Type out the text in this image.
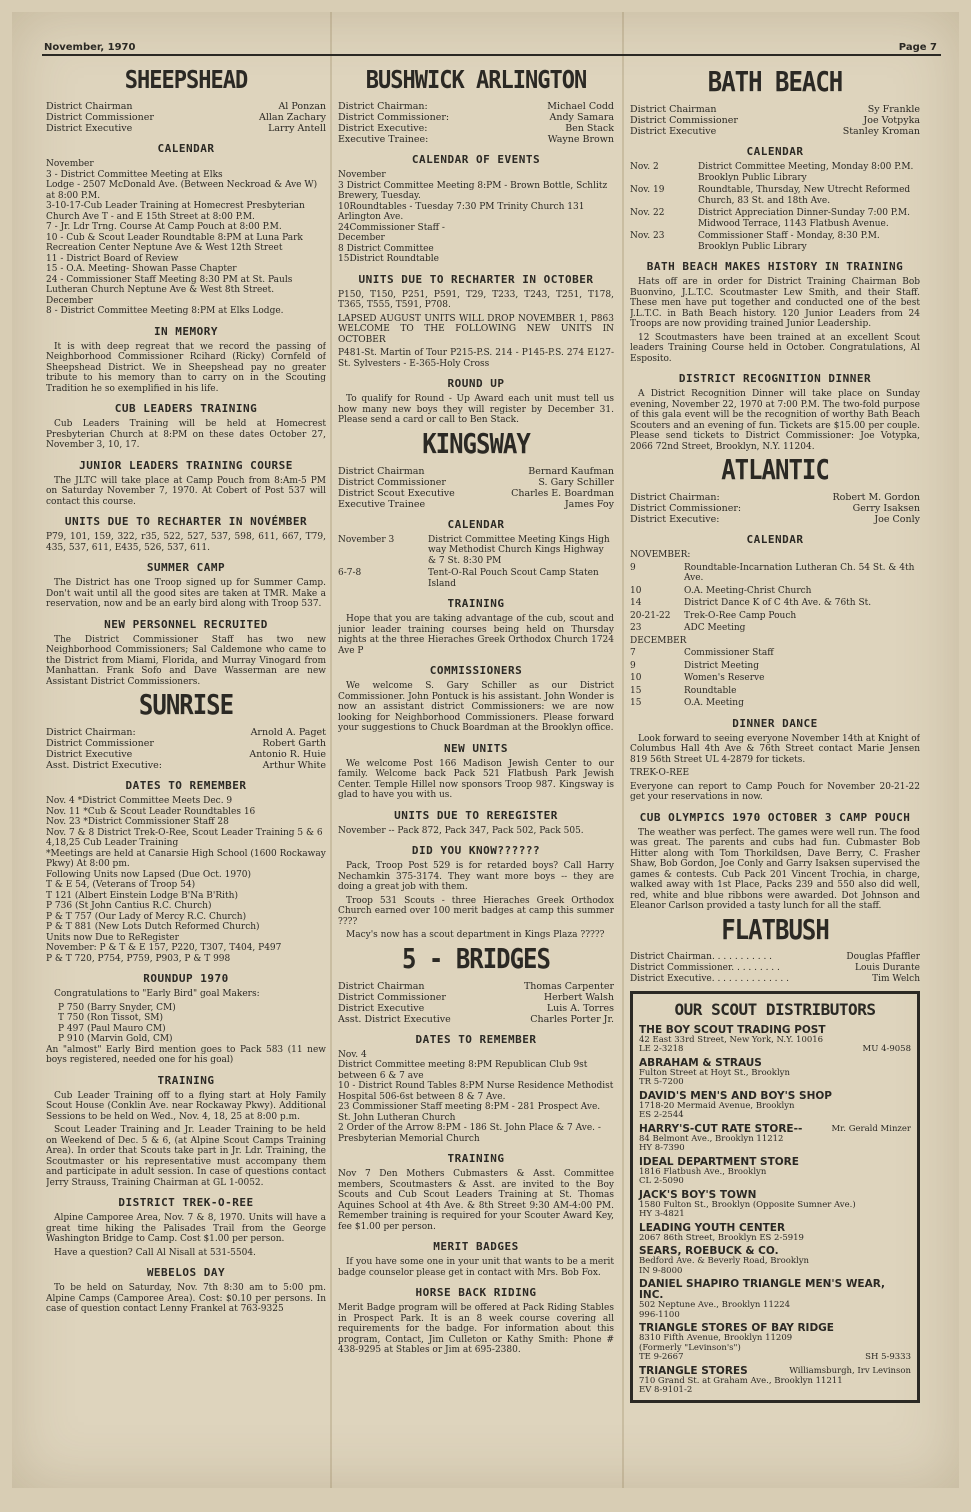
November, 1970	Page 7
SHEEPSHEAD
District Chairman	Al Ponzan
District Commissioner	Allan Zachary
District Executive	Larry Antell
CALENDAR

November

3 - District Committee Meeting at Elks

Lodge - 2507 McDonald Ave. (Between Neckroad & Ave W) at 8:00 P.M.

3-10-17-Cub Leader Training at Homecrest Presbyterian Church Ave T - and E 15th Street at 8:00 P.M.

7 - Jr. Ldr Trng. Course At Camp Pouch at 8:00 P.M.

10 - Cub & Scout Leader Roundtable 8:PM at Luna Park Recreation Center Neptune Ave & West 12th Street

11 - District Board of Review

15 - O.A. Meeting- Showan Passe Chapter

24 - Commissioner Staff Meeting 8:30 PM at St. Pauls Lutheran Church Neptune Ave & West 8th Street.

December

8 - District Committee Meeting 8:PM at Elks Lodge.

IN MEMORY

It is with deep regreat that we record the passing of Neighborhood Commissioner Rcihard (Ricky) Cornfeld of Sheepshead District. We in Sheepshead pay no greater tribute to his memory than to carry on in the Scouting Tradition he so exemplified in his life.

CUB LEADERS TRAINING

Cub Leaders Training will be held at Homecrest Presbyterian Church at 8:PM on these dates October 27, November 3, 10, 17.

JUNIOR LEADERS TRAINING COURSE

The JLTC will take place at Camp Pouch from 8:Am-5 PM on Saturday November 7, 1970. At Cobert of Post 537 will contact this course.

UNITS DUE TO RECHARTER IN NOVÉMBER

P79, 101, 159, 322, r35, 522, 527, 537, 598, 611, 667, T79, 435, 537, 611, E435, 526, 537, 611.

SUMMER CAMP

The District has one Troop signed up for Summer Camp. Don't wait until all the good sites are taken at TMR. Make a reservation, now and be an early bird along with Troop 537.

NEW PERSONNEL RECRUITED

The District Commissioner Staff has two new Neighborhood Commissioners; Sal Caldemone who came to the District from Miami, Florida, and Murray Vinogard from Manhattan. Frank Sofo and Dave Wasserman are new Assistant District Commissioners.

SUNRISE
District Chairman:	Arnold A. Paget
District Commissioner	Robert Garth
District Executive	Antonio R. Huie
Asst. District Executive:	Arthur White
DATES TO REMEMBER

Nov. 4 *District Committee Meets Dec. 9

Nov. 11 *Cub & Scout Leader Roundtables 16

Nov. 23 *District Commissioner Staff 28

Nov. 7 & 8 District Trek-O-Ree, Scout Leader Training 5 & 6

4,18,25 Cub Leader Training

*Meetings are held at Canarsie High School (1600 Rockaway Pkwy) At 8:00 pm.

Following Units now Lapsed (Due Oct. 1970)

T & E 54, (Veterans of Troop 54)

T 121 (Albert Einstein Lodge B'Na B'Rith)

P 736 (St John Cantius R.C. Church)

P & T 757 (Our Lady of Mercy R.C. Church)

P & T 881 (New Lots Dutch Reformed Church)

Units now Due to ReRegister

November: P & T & E 157, P220, T307, T404, P497

P & T 720, P754, P759, P903, P & T 998

ROUNDUP 1970

Congratulations to "Early Bird" goal Makers:

P 750 (Barry Snyder, CM)

T 750 (Ron Tissot, SM)

P 497 (Paul Mauro CM)

P 910 (Marvin Gold, CM)

An "almost" Early Bird mention goes to Pack 583 (11 new boys registered, needed one for his goal)

TRAINING

Cub Leader Training off to a flying start at Holy Family Scout House (Conklin Ave. near Rockaway Pkwy). Additional Sessions to be held on Wed., Nov. 4, 18, 25 at 8:00 p.m.

Scout Leader Training and Jr. Leader Training to be held on Weekend of Dec. 5 & 6, (at Alpine Scout Camps Training Area). In order that Scouts take part in Jr. Ldr. Training, the Scoutmaster or his representative must accompany them and participate in adult session. In case of questions contact Jerry Strauss, Training Chairman at GL 1-0052.

DISTRICT TREK-O-REE

Alpine Camporee Area, Nov. 7 & 8, 1970. Units will have a great time hiking the Palisades Trail from the George Washington Bridge to Camp. Cost $1.00 per person.

Have a question? Call Al Nisall at 531-5504.

WEBELOS DAY

To be held on Saturday, Nov. 7th 8:30 am to 5:00 pm. Alpine Camps (Camporee Area). Cost: $0.10 per persons. In case of question contact Lenny Frankel at 763-9325

BUSHWICK ARLINGTON
District Chairman:	Michael Codd
District Commissioner:	Andy Samara
District Executive:	Ben Stack
Executive Trainee:	Wayne Brown
CALENDAR OF EVENTS

November

3 District Committee Meeting 8:PM - Brown Bottle, Schlitz Brewery, Tuesday.

10Roundtables - Tuesday 7:30 PM Trinity Church 131 Arlington Ave.

24Commissioner Staff -

December

8 District Committee

15District Roundtable

UNITS DUE TO RECHARTER IN OCTOBER

P150, T150, P251, P591, T29, T233, T243, T251, T178, T365, T555, T591, P708.

LAPSED AUGUST UNITS WILL DROP NOVEMBER 1, P863 WELCOME TO THE FOLLOWING NEW UNITS IN OCTOBER

P481-St. Martin of Tour P215-P.S. 214 - P145-P.S. 274 E127-St. Sylvesters - E-365-Holy Cross

ROUND UP

To qualify for Round - Up Award each unit must tell us how many new boys they will register by December 31. Please send a card or call to Ben Stack.

KINGSWAY
District Chairman	Bernard Kaufman
District Commissioner	S. Gary Schiller
District Scout Executive	Charles E. Boardman
Executive Trainee	James Foy
CALENDAR
November 3	District Committee Meeting Kings High way Methodist Church Kings Highway & 7 St. 8:30 PM
6-7-8	Tent-O-Ral Pouch Scout Camp Staten Island
TRAINING

Hope that you are taking advantage of the cub, scout and junior leader training courses being held on Thursday nights at the three Hieraches Greek Orthodox Church 1724 Ave P

COMMISSIONERS

We welcome S. Gary Schiller as our District Commissioner. John Pontuck is his assistant. John Wonder is now an assistant district Commissioners: we are now looking for Neighborhood Commissioners. Please forward your suggestions to Chuck Boardman at the Brooklyn office.

NEW UNITS

We welcome Post 166 Madison Jewish Center to our family. Welcome back Pack 521 Flatbush Park Jewish Center. Temple Hillel now sponsors Troop 987. Kingsway is glad to have you with us.

UNITS DUE TO REREGISTER

November -- Pack 872, Pack 347, Pack 502, Pack 505.

DID YOU KNOW??????

Pack, Troop Post 529 is for retarded boys? Call Harry Nechamkin 375-3174. They want more boys -- they are doing a great job with them.

Troop 531 Scouts - three Hieraches Greek Orthodox Church earned over 100 merit badges at camp this summer ????

Macy's now has a scout department in Kings Plaza ?????

5 - BRIDGES
District Chairman	Thomas Carpenter
District Commissioner	Herbert Walsh
District Executive	Luis A. Torres
Asst. District Executive	Charles Porter Jr.
DATES TO REMEMBER

Nov. 4

District Committee meeting 8:PM Republican Club 9st between 6 & 7 ave

10 - District Round Tables 8:PM Nurse Residence Methodist Hospital 506-6st between 8 & 7 Ave.

23 Commissioner Staff meeting 8:PM - 281 Prospect Ave. St. John Lutheran Church

2 Order of the Arrow 8:PM - 186 St. John Place & 7 Ave. - Presbyterian Memorial Church

TRAINING

Nov 7 Den Mothers Cubmasters & Asst. Committee members, Scoutmasters & Asst. are invited to the Boy Scouts and Cub Scout Leaders Training at St. Thomas Aquines School at 4th Ave. & 8th Street 9:30 AM-4:00 PM. Remember training is required for your Scouter Award Key, fee $1.00 per person.

MERIT BADGES

If you have some one in your unit that wants to be a merit badge counselor please get in contact with Mrs. Bob Fox.

HORSE BACK RIDING

Merit Badge program will be offered at Pack Riding Stables in Prospect Park. It is an 8 week course covering all requirements for the badge. For information about this program, Contact, Jim Culleton or Kathy Smith: Phone # 438-9295 at Stables or Jim at 695-2380.

BATH BEACH
District Chairman	Sy Frankle
District Commissioner	Joe Votpyka
District Executive	Stanley Kroman
CALENDAR
Nov. 2	District Committee Meeting, Monday 8:00 P.M. Brooklyn Public Library
Nov. 19	Roundtable, Thursday, New Utrecht Reformed Church, 83 St. and 18th Ave.
Nov. 22	District Appreciation Dinner-Sunday 7:00 P.M. Midwood Terrace, 1143 Flatbush Avenue.
Nov. 23	Commissioner Staff - Monday, 8:30 P.M. Brooklyn Public Library
BATH BEACH MAKES HISTORY IN TRAINING

Hats off are in order for District Training Chairman Bob Buonvino, J.L.T.C. Scoutmaster Lew Smith, and their Staff. These men have put together and conducted one of the best J.L.T.C. in Bath Beach history. 120 Junior Leaders from 24 Troops are now providing trained Junior Leadership.

12 Scoutmasters have been trained at an excellent Scout leaders Training Course held in October. Congratulations, Al Esposito.

DISTRICT RECOGNITION DINNER

A District Recognition Dinner will take place on Sunday evening, November 22, 1970 at 7:00 P.M. The two-fold purpose of this gala event will be the recognition of worthy Bath Beach Scouters and an evening of fun. Tickets are $15.00 per couple. Please send tickets to District Commissioner: Joe Votypka, 2066 72nd Street, Brooklyn, N.Y. 11204.

ATLANTIC
District Chairman:	Robert M. Gordon
District Commissioner:	Gerry Isaksen
District Executive:	Joe Conly
CALENDAR
NOVEMBER:
9	Roundtable-Incarnation Lutheran Ch. 54 St. & 4th Ave.
10	O.A. Meeting-Christ Church
14	District Dance K of C 4th Ave. & 76th St.
20-21-22	Trek-O-Ree Camp Pouch
23	ADC Meeting
DECEMBER
7	Commissioner Staff
9	District Meeting
10	Women's Reserve
15	Roundtable
15	O.A. Meeting
DINNER DANCE

Look forward to seeing everyone November 14th at Knight of Columbus Hall 4th Ave & 76th Street contact Marie Jensen 819 56th Street UL 4-2879 for tickets.

TREK-O-REE

Everyone can report to Camp Pouch for November 20-21-22 get your reservations in now.

CUB OLYMPICS 1970 OCTOBER 3 CAMP POUCH

The weather was perfect. The games were well run. The food was great. The parents and cubs had fun. Cubmaster Bob Hitter along with Tom Thorkildsen, Dave Berry, C. Frasher Shaw, Bob Gordon, Joe Conly and Garry Isaksen supervised the games & contests. Cub Pack 201 Vincent Trochia, in charge, walked away with 1st Place, Packs 239 and 550 also did well, red, white and blue ribbons were awarded. Dot Johnson and Eleanor Carlson provided a tasty lunch for all the staff.

FLATBUSH
District Chairman. . . . . . . . . . .	Douglas Pfaffler
District Commissioner. . . . . . . . .	Louis Durante
District Executive. . . . . . . . . . . . . .	Tim Welch
OUR SCOUT DISTRIBUTORS
THE BOY SCOUT TRADING POST

42 East 33rd Street, New York, N.Y. 10016

LE 2-3218	MU 4-9058
ABRAHAM & STRAUS

Fulton Street at Hoyt St., Brooklyn

TR 5-7200

DAVID'S MEN'S AND BOY'S SHOP

1718-20 Mermaid Avenue, Brooklyn

ES 2-2544

HARRY'S-CUT RATE STORE--	Mr. Gerald Minzer

84 Belmont Ave., Brooklyn 11212

HY 8-7390

IDEAL DEPARTMENT STORE

1816 Flatbush Ave., Brooklyn

CL 2-5090

JACK'S BOY'S TOWN

1580 Fulton St., Brooklyn (Opposite Sumner Ave.)

HY 3-4821

LEADING YOUTH CENTER

2067 86th Street, Brooklyn ES 2-5919

SEARS, ROEBUCK & CO.

Bedford Ave. & Beverly Road, Brooklyn

IN 9-8000

DANIEL SHAPIRO TRIANGLE MEN'S WEAR, INC.

502 Neptune Ave., Brooklyn 11224

996-1100

TRIANGLE STORES OF BAY RIDGE

8310 Fifth Avenue, Brooklyn 11209

(Formerly "Levinson's")

TE 9-2667	SH 5-9333
TRIANGLE STORES	Williamsburgh, Irv Levinson

710 Grand St. at Graham Ave., Brooklyn 11211

EV 8-9101-2
